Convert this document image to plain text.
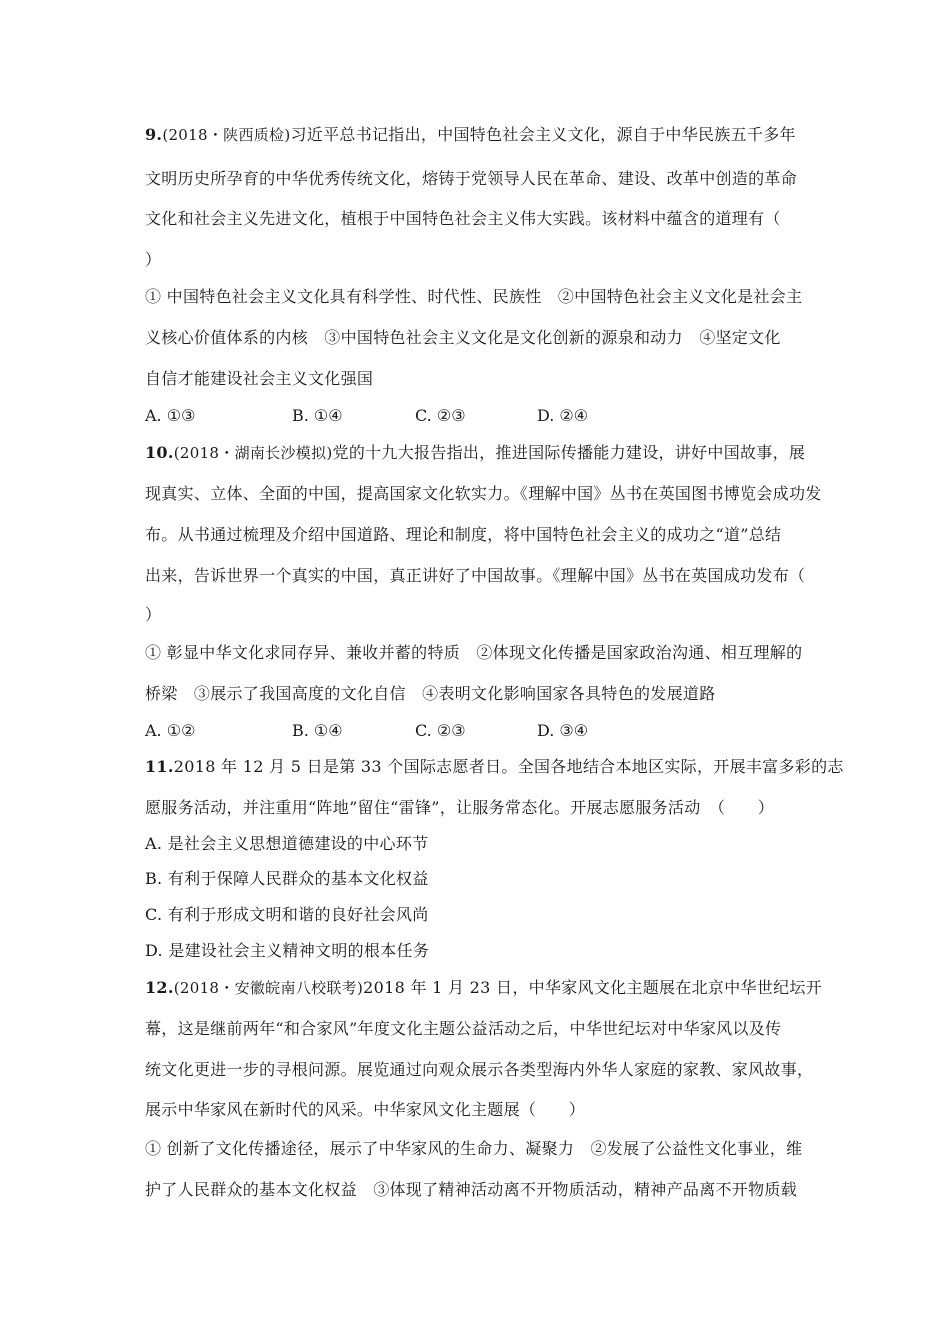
9.(2018・陕西质检)习近平总书记指出，中国特色社会主义文化，源自于中华民族五千多年
文明历史所孕育的中华优秀传统文化，熔铸于党领导人民在革命、建设、改革中创造的革命
文化和社会主义先进文化，植根于中国特色社会主义伟大实践。该材料中蕴含的道理有（
）
① 中国特色社会主义文化具有科学性、时代性、民族性　②中国特色社会主义文化是社会主
义核心价值体系的内核　③中国特色社会主义文化是文化创新的源泉和动力　④坚定文化
自信才能建设社会主义文化强国
A. ①③	B. ①④	C. ②③	D. ②④
10.(2018・湖南长沙模拟)党的十九大报告指出，推进国际传播能力建设，讲好中国故事，展
现真实、立体、全面的中国，提高国家文化软实力。《理解中国》丛书在英国图书博览会成功发
布。从书通过梳理及介绍中国道路、理论和制度，将中国特色社会主义的成功之“道”总结
出来，告诉世界一个真实的中国，真正讲好了中国故事。《理解中国》丛书在英国成功发布（
）
① 彰显中华文化求同存异、兼收并蓄的特质　②体现文化传播是国家政治沟通、相互理解的
桥梁　③展示了我国高度的文化自信　④表明文化影响国家各具特色的发展道路
A. ①②	B. ①④	C. ②③	D. ③④
11.2018 年 12 月 5 日是第 33 个国际志愿者日。全国各地结合本地区实际，开展丰富多彩的志
愿服务活动，并注重用“阵地”留住“雷锋”，让服务常态化。开展志愿服务活动　（　　）
A. 是社会主义思想道德建设的中心环节
B. 有利于保障人民群众的基本文化权益
C. 有利于形成文明和谐的良好社会风尚
D. 是建设社会主义精神文明的根本任务
12.(2018・安徽皖南八校联考)2018 年 1 月 23 日，中华家风文化主题展在北京中华世纪坛开
幕，这是继前两年“和合家风”年度文化主题公益活动之后，中华世纪坛对中华家风以及传
统文化更进一步的寻根问源。展览通过向观众展示各类型海内外华人家庭的家教、家风故事，
展示中华家风在新时代的风采。中华家风文化主题展（　　）
① 创新了文化传播途径，展示了中华家风的生命力、凝聚力　②发展了公益性文化事业，维
护了人民群众的基本文化权益　③体现了精神活动离不开物质活动，精神产品离不开物质载
